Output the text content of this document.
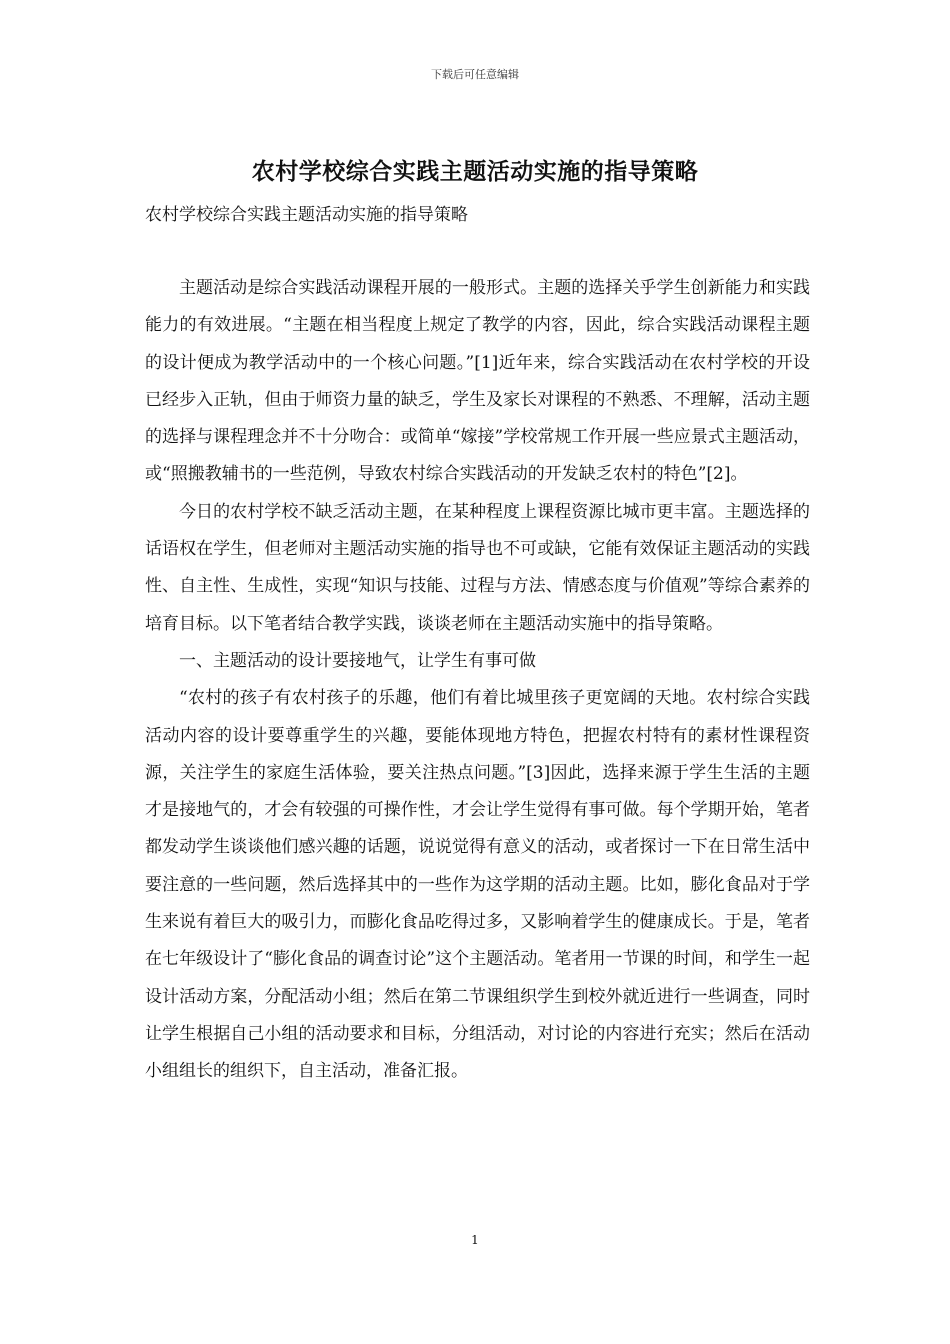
下载后可任意编辑
农村学校综合实践主题活动实施的指导策略
农村学校综合实践主题活动实施的指导策略

主题活动是综合实践活动课程开展的一般形式。主题的选择关乎学生创新能力和实践能力的有效进展。“主题在相当程度上规定了教学的内容，因此，综合实践活动课程主题的设计便成为教学活动中的一个核心问题。”[1]近年来，综合实践活动在农村学校的开设已经步入正轨，但由于师资力量的缺乏，学生及家长对课程的不熟悉、不理解，活动主题的选择与课程理念并不十分吻合：或简单“嫁接”学校常规工作开展一些应景式主题活动，或“照搬教辅书的一些范例，导致农村综合实践活动的开发缺乏农村的特色”[2]。

今日的农村学校不缺乏活动主题，在某种程度上课程资源比城市更丰富。主题选择的话语权在学生，但老师对主题活动实施的指导也不可或缺，它能有效保证主题活动的实践性、自主性、生成性，实现“知识与技能、过程与方法、情感态度与价值观”等综合素养的培育目标。以下笔者结合教学实践，谈谈老师在主题活动实施中的指导策略。

一、主题活动的设计要接地气，让学生有事可做

“农村的孩子有农村孩子的乐趣，他们有着比城里孩子更宽阔的天地。农村综合实践活动内容的设计要尊重学生的兴趣，要能体现地方特色，把握农村特有的素材性课程资源，关注学生的家庭生活体验，要关注热点问题。”[3]因此，选择来源于学生生活的主题才是接地气的，才会有较强的可操作性，才会让学生觉得有事可做。每个学期开始，笔者都发动学生谈谈他们感兴趣的话题，说说觉得有意义的活动，或者探讨一下在日常生活中要注意的一些问题，然后选择其中的一些作为这学期的活动主题。比如，膨化食品对于学生来说有着巨大的吸引力，而膨化食品吃得过多，又影响着学生的健康成长。于是，笔者在七年级设计了“膨化食品的调查讨论”这个主题活动。笔者用一节课的时间，和学生一起设计活动方案，分配活动小组；然后在第二节课组织学生到校外就近进行一些调查，同时让学生根据自己小组的活动要求和目标，分组活动，对讨论的内容进行充实；然后在活动小组组长的组织下，自主活动，准备汇报。

1
